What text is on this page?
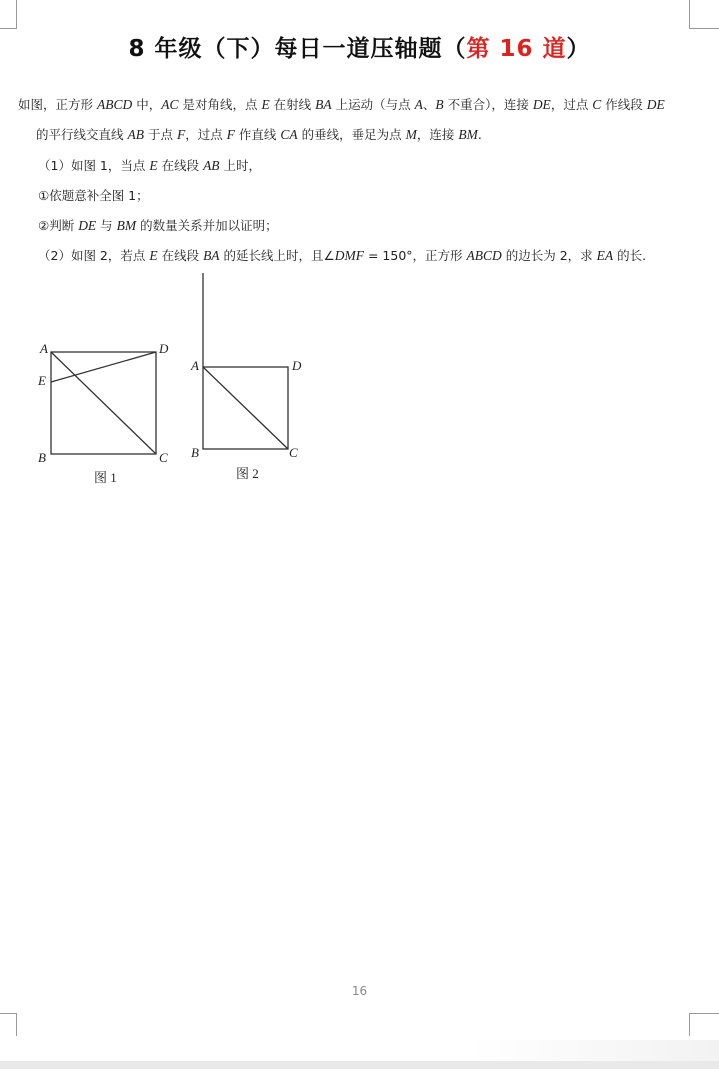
8 年级（下）每日一道压轴题（第 16 道）
如图，正方形 ABCD 中，AC 是对角线，点 E 在射线 BA 上运动（与点 A、B 不重合），连接 DE，过点 C 作线段 DE
的平行线交直线 AB 于点 F，过点 F 作直线 CA 的垂线，垂足为点 M，连接 BM.
（1）如图 1，当点 E 在线段 AB 上时，
①依题意补全图 1；
②判断 DE 与 BM 的数量关系并加以证明；
（2）如图 2，若点 E 在线段 BA 的延长线上时，且∠DMF = 150°，正方形 ABCD 的边长为 2，求 EA 的长.
A	D
E
B	C
图 1
A	D
B	C
图 2
16
